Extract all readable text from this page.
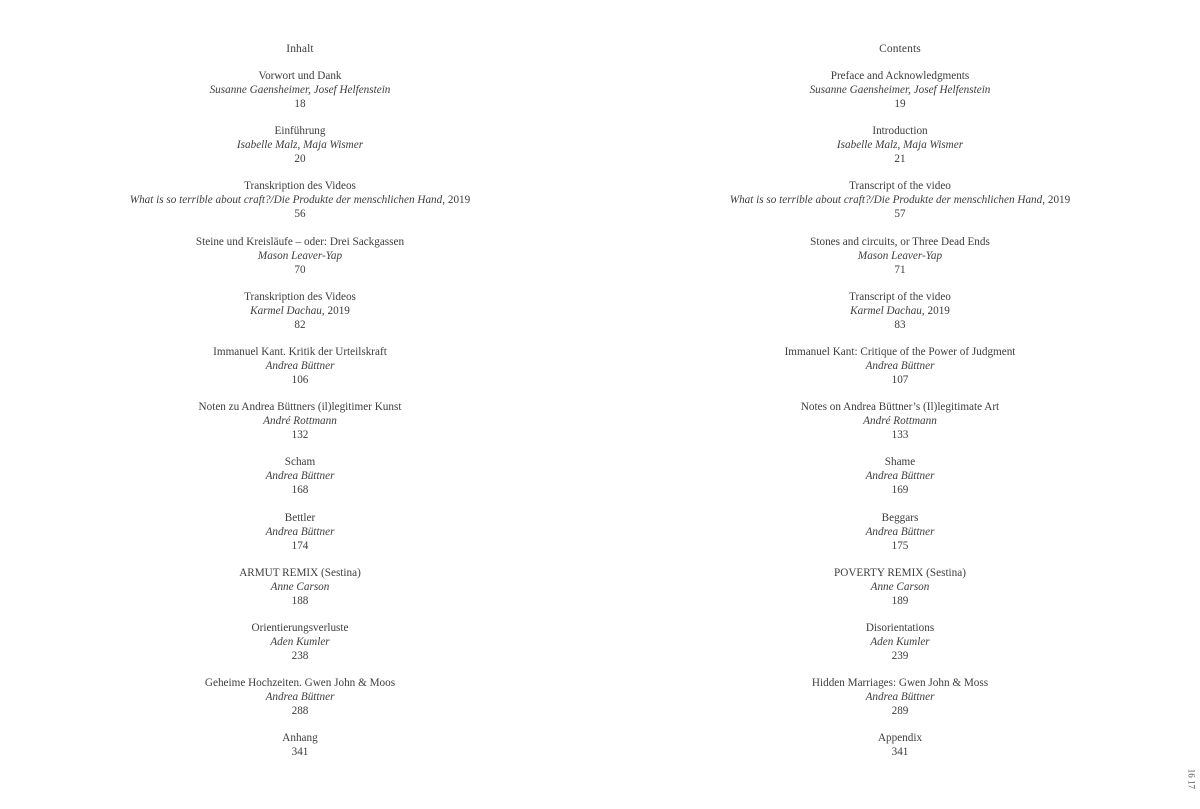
Inhalt
Vorwort und Dank
Susanne Gaensheimer, Josef Helfenstein
18
Einführung
Isabelle Malz, Maja Wismer
20
Transkription des Videos
What is so terrible about craft?/Die Produkte der menschlichen Hand, 2019
56
Steine und Kreisläufe – oder: Drei Sackgassen
Mason Leaver-Yap
70
Transkription des Videos
Karmel Dachau, 2019
82
Immanuel Kant. Kritik der Urteilskraft
Andrea Büttner
106
Noten zu Andrea Büttners (il)legitimer Kunst
André Rottmann
132
Scham
Andrea Büttner
168
Bettler
Andrea Büttner
174
ARMUT REMIX (Sestina)
Anne Carson
188
Orientierungsverluste
Aden Kumler
238
Geheime Hochzeiten. Gwen John & Moos
Andrea Büttner
288
Anhang
341
Contents
Preface and Acknowledgments
Susanne Gaensheimer, Josef Helfenstein
19
Introduction
Isabelle Malz, Maja Wismer
21
Transcript of the video
What is so terrible about craft?/Die Produkte der menschlichen Hand, 2019
57
Stones and circuits, or Three Dead Ends
Mason Leaver-Yap
71
Transcript of the video
Karmel Dachau, 2019
83
Immanuel Kant: Critique of the Power of Judgment
Andrea Büttner
107
Notes on Andrea Büttner’s (Il)legitimate Art
André Rottmann
133
Shame
Andrea Büttner
169
Beggars
Andrea Büttner
175
POVERTY REMIX (Sestina)
Anne Carson
189
Disorientations
Aden Kumler
239
Hidden Marriages: Gwen John & Moss
Andrea Büttner
289
Appendix
341
16 17
